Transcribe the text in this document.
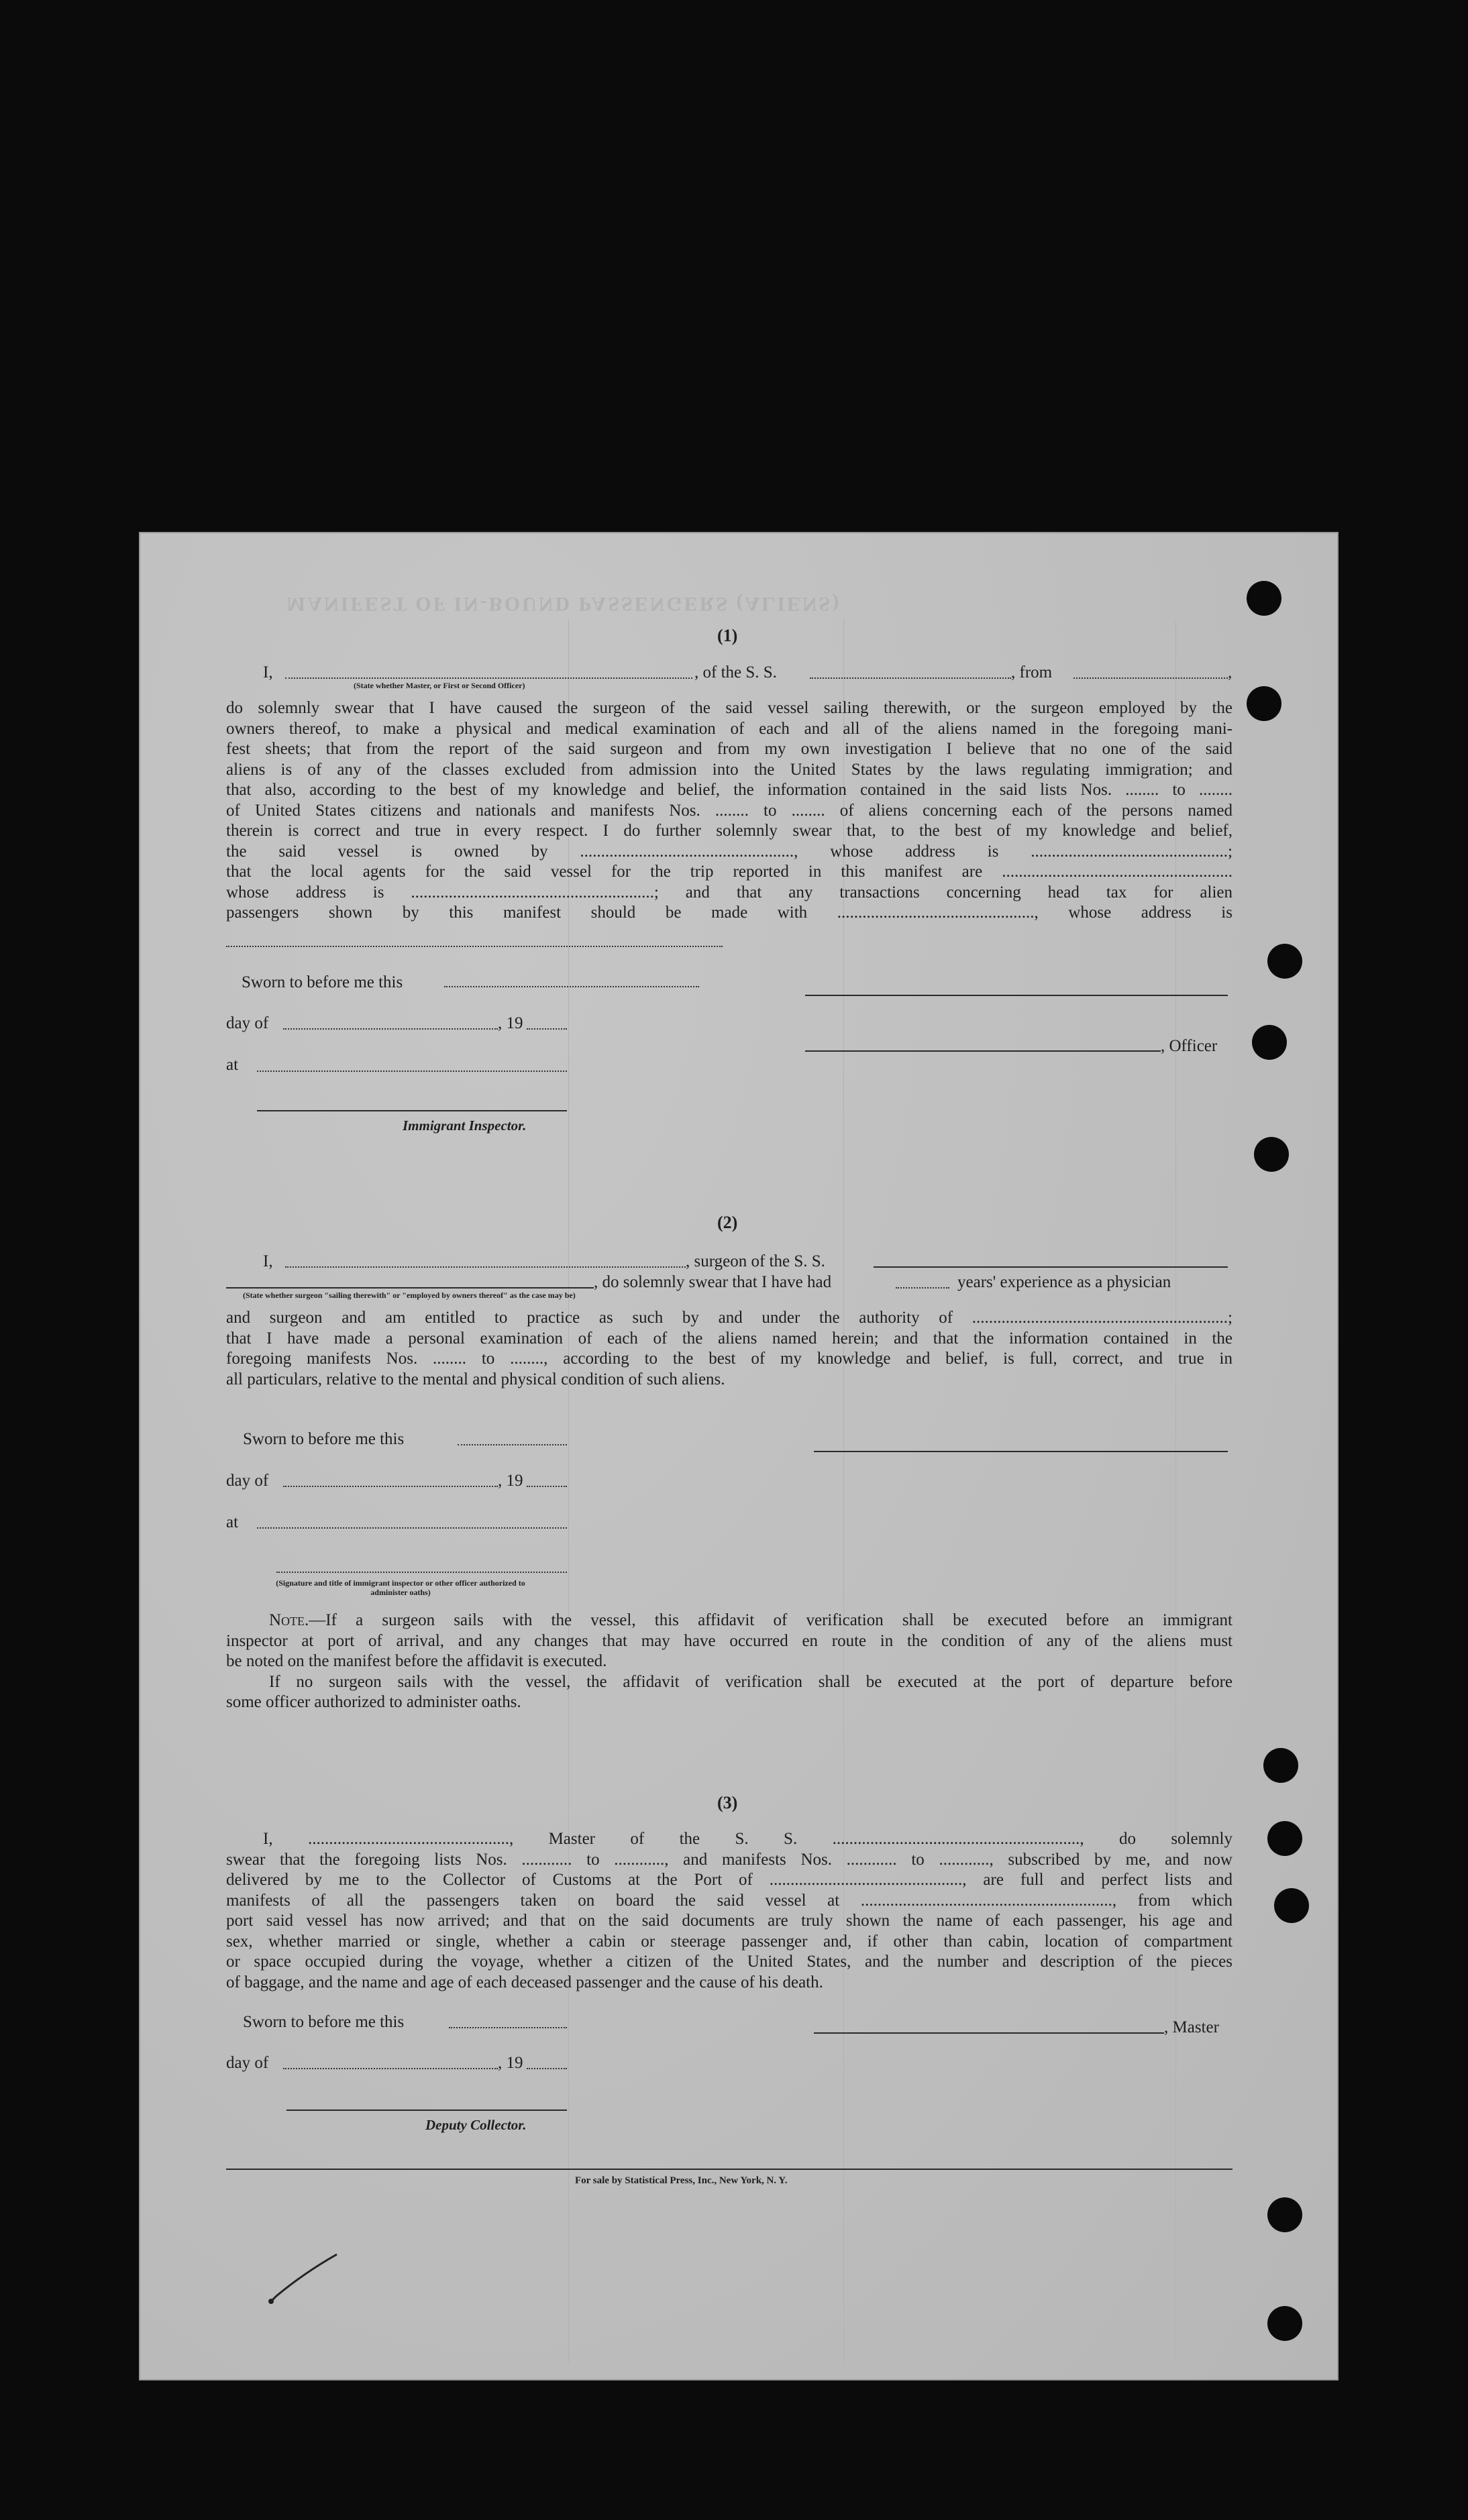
MANIFEST OF IN-BOUND PASSENGERS (ALIENS)
(1)
I,	, of the S. S.	, from	,
(State whether Master, or First or Second Officer)
do solemnly swear that I have caused the surgeon of the said vessel sailing therewith, or the surgeon employed by the
owners thereof, to make a physical and medical examination of each and all of the aliens named in the foregoing mani-
fest sheets; that from the report of the said surgeon and from my own investigation I believe that no one of the said
aliens is of any of the classes excluded from admission into the United States by the laws regulating immigration; and
that also, according to the best of my knowledge and belief, the information contained in the said lists Nos. ........ to ........
of United States citizens and nationals and manifests Nos. ........ to ........ of aliens concerning each of the persons named
therein is correct and true in every respect. I do further solemnly swear that, to the best of my knowledge and belief,
the said vessel is owned by ..................................................., whose address is ...............................................;
that the local agents for the said vessel for the trip reported in this manifest are .......................................................
whose address is ..........................................................; and that any transactions concerning head tax for alien
passengers shown by this manifest should be made with ..............................................., whose address is
Sworn to before me this
day of	, 19
, Officer
at
Immigrant Inspector.
(2)
I,	, surgeon of the S. S.
, do solemnly swear that I have had	years' experience as a physician
(State whether surgeon "sailing therewith" or "employed by owners thereof" as the case may be)
and surgeon and am entitled to practice as such by and under the authority of .............................................................;
that I have made a personal examination of each of the aliens named herein; and that the information contained in the
foregoing manifests Nos. ........ to ........, according to the best of my knowledge and belief, is full, correct, and true in
all particulars, relative to the mental and physical condition of such aliens.
Sworn to before me this
day of	, 19
at
(Signature and title of immigrant inspector or other officer authorized to administer oaths)
Note.—If a surgeon sails with the vessel, this affidavit of verification shall be executed before an immigrant
inspector at port of arrival, and any changes that may have occurred en route in the condition of any of the aliens must
be noted on the manifest before the affidavit is executed.
If no surgeon sails with the vessel, the affidavit of verification shall be executed at the port of departure before
some officer authorized to administer oaths.
(3)
I, ................................................, Master of the S. S. ..........................................................., do solemnly
swear that the foregoing lists Nos. ............ to ............, and manifests Nos. ............ to ............, subscribed by me, and now
delivered by me to the Collector of Customs at the Port of .............................................., are full and perfect lists and
manifests of all the passengers taken on board the said vessel at ............................................................, from which
port said vessel has now arrived; and that on the said documents are truly shown the name of each passenger, his age and
sex, whether married or single, whether a cabin or steerage passenger and, if other than cabin, location of compartment
or space occupied during the voyage, whether a citizen of the United States, and the number and description of the pieces
of baggage, and the name and age of each deceased passenger and the cause of his death.
Sworn to before me this	, Master
day of	, 19
Deputy Collector.
For sale by Statistical Press, Inc., New York, N. Y.
